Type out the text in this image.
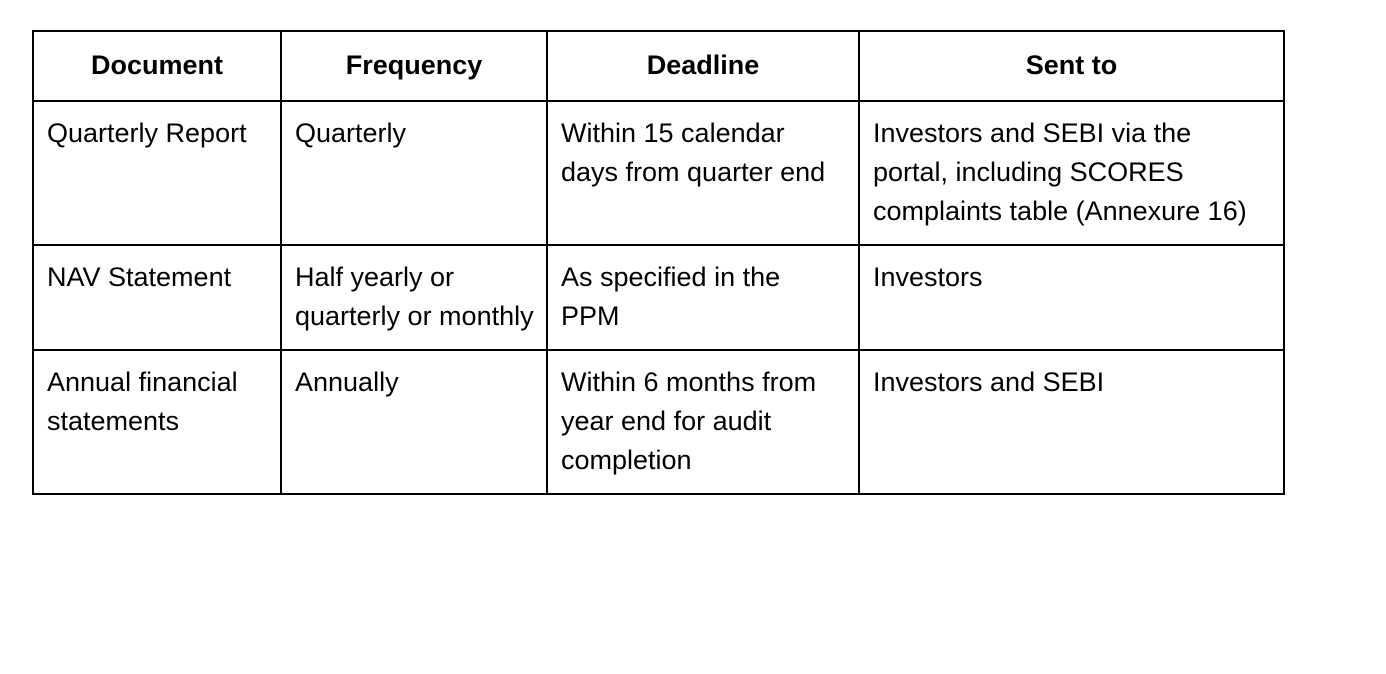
Document	Frequency	Deadline	Sent to
Quarterly Report	Quarterly	Within 15 calendar days from quarter end	Investors and SEBI via the portal, including SCORES complaints table (Annexure 16)
NAV Statement	Half yearly or quarterly or monthly	As specified in the PPM	Investors
Annual financial statements	Annually	Within 6 months from year end for audit completion	Investors and SEBI
